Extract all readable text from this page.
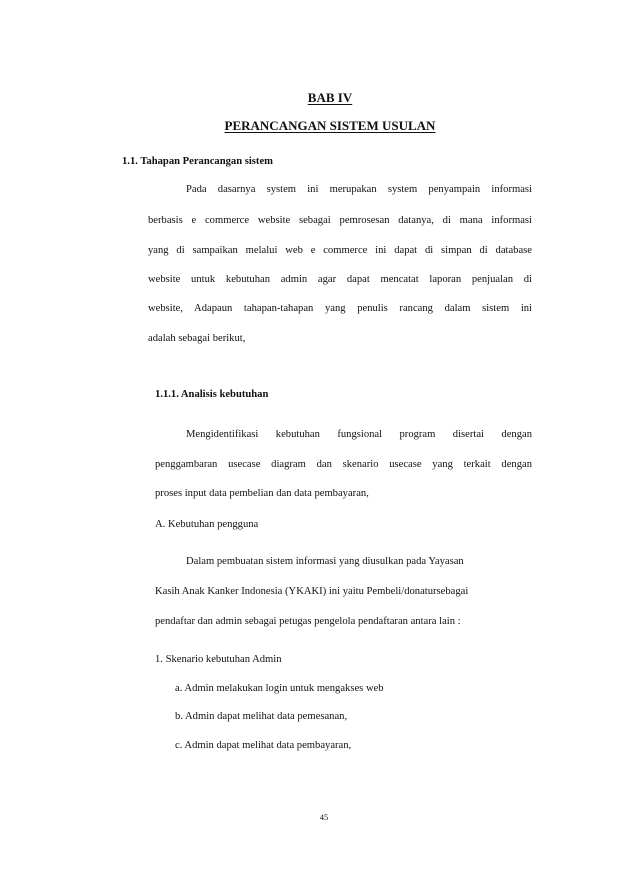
BAB IV
PERANCANGAN SISTEM USULAN
1.1. Tahapan Perancangan sistem
Pada dasarnya system ini merupakan system penyampain informasi
berbasis e commerce website sebagai pemrosesan datanya, di mana informasi
yang di sampaikan melalui web e commerce ini dapat di simpan di database
website untuk kebutuhan admin agar dapat mencatat laporan penjualan di
website, Adapaun tahapan-tahapan yang penulis rancang dalam sistem ini
adalah sebagai berikut,
1.1.1. Analisis kebutuhan
Mengidentifikasi kebutuhan fungsional program disertai dengan
penggambaran usecase diagram dan skenario usecase yang terkait dengan
proses input data pembelian dan data pembayaran,
A. Kebutuhan pengguna
Dalam pembuatan sistem informasi yang diusulkan pada Yayasan
Kasih Anak Kanker Indonesia (YKAKI) ini yaitu Pembeli/donatursebagai
pendaftar dan admin sebagai petugas pengelola pendaftaran antara lain :
1. Skenario kebutuhan Admin
a. Admin melakukan login untuk mengakses web
b. Admin dapat melihat data pemesanan,
c. Admin dapat melihat data pembayaran,
45
